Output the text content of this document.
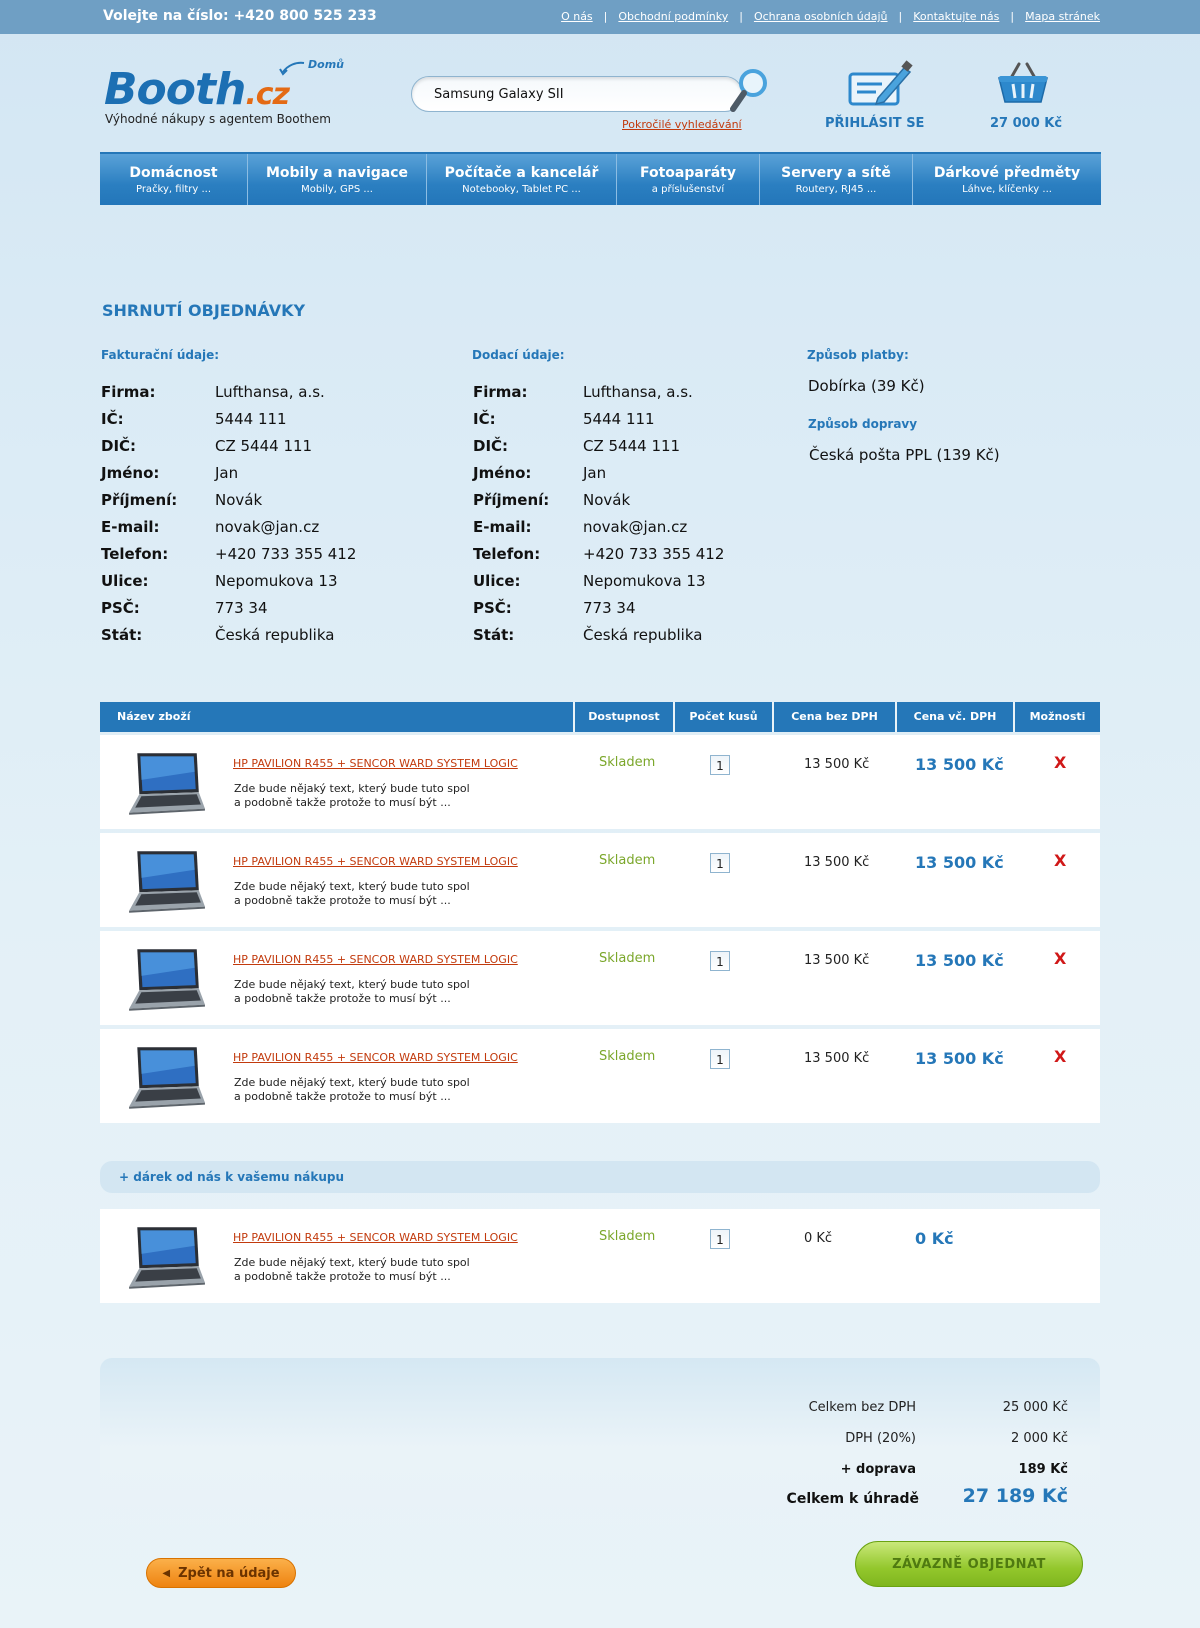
Volejte na číslo: +420 800 525 233	O nás | Obchodní podmínky | Ochrana osobních údajů | Kontaktujte nás | Mapa stránek
Booth.cz
Výhodné nákupy s agentem Boothem
Domů
Samsung Galaxy SII
Pokročilé vyhledávání	PŘIHLÁSIT SE	27 000 Kč
Domácnost
Pračky, filtry ...
Mobily a navigace
Mobily, GPS ...
Počítače a kancelář
Notebooky, Tablet PC ...
Fotoaparáty
a příslušenství
Servery a sítě
Routery, RJ45 ...
Dárkové předměty
Láhve, klíčenky ...
SHRNUTÍ OBJEDNÁVKY
Fakturační údaje:	Dodací údaje:	Způsob platby:
Dobírka (39 Kč)
Způsob dopravy
Česká pošta PPL (139 Kč)
Firma:	Lufthansa, a.s.
IČ:	5444 111
DIČ:	CZ 5444 111
Jméno:	Jan
Příjmení:	Novák
E-mail:	novak@jan.cz
Telefon:	+420 733 355 412
Ulice:	Nepomukova 13
PSČ:	773 34
Stát:	Česká republika
Firma:	Lufthansa, a.s.
IČ:	5444 111
DIČ:	CZ 5444 111
Jméno:	Jan
Příjmení:	Novák
E-mail:	novak@jan.cz
Telefon:	+420 733 355 412
Ulice:	Nepomukova 13
PSČ:	773 34
Stát:	Česká republika
Název zboží	Dostupnost	Počet kusů	Cena bez DPH	Cena vč. DPH	Možnosti
HP PAVILION R455 + SENCOR WARD SYSTEM LOGIC
Zde bude nějaký text, který bude tuto spol
a podobně takže protože to musí být ...
Skladem	1	13 500 Kč	13 500 Kč	X
HP PAVILION R455 + SENCOR WARD SYSTEM LOGIC
Zde bude nějaký text, který bude tuto spol
a podobně takže protože to musí být ...
Skladem	1	13 500 Kč	13 500 Kč	X
HP PAVILION R455 + SENCOR WARD SYSTEM LOGIC
Zde bude nějaký text, který bude tuto spol
a podobně takže protože to musí být ...
Skladem	1	13 500 Kč	13 500 Kč	X
HP PAVILION R455 + SENCOR WARD SYSTEM LOGIC
Zde bude nějaký text, který bude tuto spol
a podobně takže protože to musí být ...
Skladem	1	13 500 Kč	13 500 Kč	X
+ dárek od nás k vašemu nákupu
HP PAVILION R455 + SENCOR WARD SYSTEM LOGIC
Zde bude nějaký text, který bude tuto spol
a podobně takže protože to musí být ...
Skladem	1	0 Kč	0 Kč
Celkem bez DPH	25 000 Kč
DPH (20%)	2 000 Kč
+ doprava	189 Kč
Celkem k úhradě 27 189 Kč
◀ Zpět na údaje
ZÁVAZNĚ OBJEDNAT
